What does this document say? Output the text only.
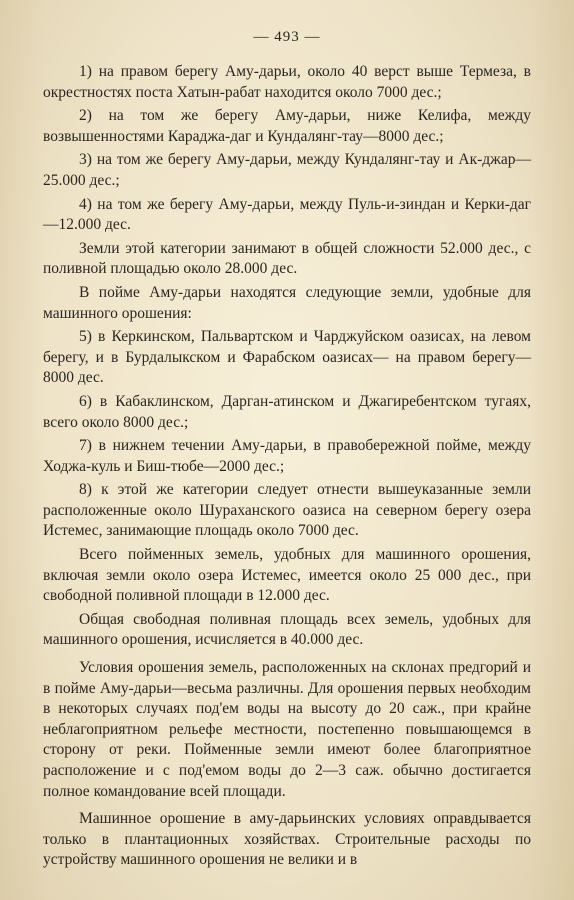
— 493 —

1) на правом берегу Аму-дарьи, около 40 верст выше Термеза, в окрестностях поста Хатын-рабат находится около 7000 дес.;

2) на том же берегу Аму-дарьи, ниже Келифа, между возвышенностями Караджа-даг и Кундалянг-тау—8000 дес.;

3) на том же берегу Аму-дарьи, между Кундалянг-тау и Ак-джар—25.000 дес.;

4) на том же берегу Аму-дарьи, между Пуль-и-зиндан и Керки-даг—12.000 дес.

Земли этой категории занимают в общей сложности 52.000 дес., с поливной площадью около 28.000 дес.

В пойме Аму-дарьи находятся следующие земли, удобные для машинного орошения:

5) в Керкинском, Пальвартском и Чарджуйском оазисах, на левом берегу, и в Бурдалыкском и Фарабском оазисах— на правом берегу—8000 дес.

6) в Кабаклинском, Дарган-атинском и Джагиребентском тугаях, всего около 8000 дес.;

7) в нижнем течении Аму-дарьи, в правобережной пойме, между Ходжа-куль и Биш-тюбе—2000 дес.;

8) к этой же категории следует отнести вышеуказанные земли расположенные около Шураханского оазиса на северном берегу озера Истемес, занимающие площадь около 7000 дес.

Всего пойменных земель, удобных для машинного орошения, включая земли около озера Истемес, имеется около 25 000 дес., при свободной поливной площади в 12.000 дес.

Общая свободная поливная площадь всех земель, удобных для машинного орошения, исчисляется в 40.000 дес.

Условия орошения земель, расположенных на склонах предгорий и в пойме Аму-дарьи—весьма различны. Для орошения первых необходим в некоторых случаях под'ем воды на высоту до 20 саж., при крайне неблагоприятном рельефе местности, постепенно повышающемся в сторону от реки. Пойменные земли имеют более благоприятное расположение и с под'емом воды до 2—3 саж. обычно достигается полное командование всей площади.

Машинное орошение в аму-дарьинских условиях оправдывается только в плантационных хозяйствах. Строительные расходы по устройству машинного орошения не велики и в
